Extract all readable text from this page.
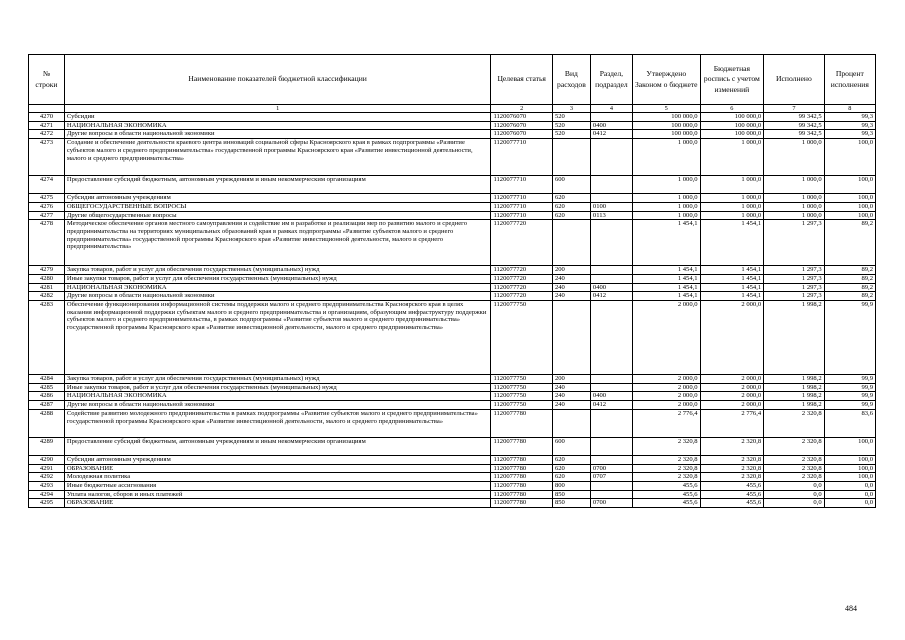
№ строки	Наименование показателей бюджетной классификации	Целевая статья	Вид расходов	Раздел, подраздел	Утверждено Законом о бюджете	Бюджетная роспись с учетом изменений	Исполнено	Процент исполнения
	1	2	3	4	5	6	7	8
4270	Субсидии	1120076070	520		100 000,0	100 000,0	99 342,5	99,3
4271	НАЦИОНАЛЬНАЯ ЭКОНОМИКА	1120076070	520	0400	100 000,0	100 000,0	99 342,5	99,3
4272	Другие вопросы в области национальной экономики	1120076070	520	0412	100 000,0	100 000,0	99 342,5	99,3
4273	Создание и обеспечение деятельности краевого центра инноваций социальной сферы Красноярского края в рамках подпрограммы «Развитие субъектов малого и среднего предпринимательства» государственной программы Красноярского края «Развитие инвестиционной деятельности, малого и среднего предпринимательства»	1120077710			1 000,0	1 000,0	1 000,0	100,0
4274	Предоставление субсидий бюджетным, автономным учреждениям и иным некоммерческим организациям	1120077710	600		1 000,0	1 000,0	1 000,0	100,0
4275	Субсидии автономным учреждениям	1120077710	620		1 000,0	1 000,0	1 000,0	100,0
4276	ОБЩЕГОСУДАРСТВЕННЫЕ ВОПРОСЫ	1120077710	620	0100	1 000,0	1 000,0	1 000,0	100,0
4277	Другие общегосударственные вопросы	1120077710	620	0113	1 000,0	1 000,0	1 000,0	100,0
4278	Методическое обеспечение органов местного самоуправления и содействие им в разработке и реализации мер по развитию малого и среднего предпринимательства на территориях муниципальных образований края в рамках подпрограммы «Развитие субъектов малого и среднего предпринимательства» государственной программы Красноярского края «Развитие инвестиционной деятельности, малого и среднего предпринимательства»	1120077720			1 454,1	1 454,1	1 297,3	89,2
4279	Закупка товаров, работ и услуг для обеспечения государственных (муниципальных) нужд	1120077720	200		1 454,1	1 454,1	1 297,3	89,2
4280	Иные закупки товаров, работ и услуг для обеспечения государственных (муниципальных) нужд	1120077720	240		1 454,1	1 454,1	1 297,3	89,2
4281	НАЦИОНАЛЬНАЯ ЭКОНОМИКА	1120077720	240	0400	1 454,1	1 454,1	1 297,3	89,2
4282	Другие вопросы в области национальной экономики	1120077720	240	0412	1 454,1	1 454,1	1 297,3	89,2
4283	Обеспечение функционирования информационной системы поддержки малого и среднего предпринимательства Красноярского края в целях оказания информационной поддержки субъектам малого и среднего предпринимательства и организациям, образующим инфраструктуру поддержки субъектов малого и среднего предпринимательства, в рамках подпрограммы «Развитие субъектов малого и среднего предпринимательства» государственной программы Красноярского края «Развитие инвестиционной деятельности, малого и среднего предпринимательства»	1120077750			2 000,0	2 000,0	1 998,2	99,9
4284	Закупка товаров, работ и услуг для обеспечения государственных (муниципальных) нужд	1120077750	200		2 000,0	2 000,0	1 998,2	99,9
4285	Иные закупки товаров, работ и услуг для обеспечения государственных (муниципальных) нужд	1120077750	240		2 000,0	2 000,0	1 998,2	99,9
4286	НАЦИОНАЛЬНАЯ ЭКОНОМИКА	1120077750	240	0400	2 000,0	2 000,0	1 998,2	99,9
4287	Другие вопросы в области национальной экономики	1120077750	240	0412	2 000,0	2 000,0	1 998,2	99,9
4288	Содействие развитию молодежного предпринимательства в рамках подпрограммы «Развитие субъектов малого и среднего предпринимательства» государственной программы Красноярского края «Развитие инвестиционной деятельности, малого и среднего предпринимательства»	1120077780			2 776,4	2 776,4	2 320,8	83,6
4289	Предоставление субсидий бюджетным, автономным учреждениям и иным некоммерческим организациям	1120077780	600		2 320,8	2 320,8	2 320,8	100,0
4290	Субсидии автономным учреждениям	1120077780	620		2 320,8	2 320,8	2 320,8	100,0
4291	ОБРАЗОВАНИЕ	1120077780	620	0700	2 320,8	2 320,8	2 320,8	100,0
4292	Молодежная политика	1120077780	620	0707	2 320,8	2 320,8	2 320,8	100,0
4293	Иные бюджетные ассигнования	1120077780	800		455,6	455,6	0,0	0,0
4294	Уплата налогов, сборов и иных платежей	1120077780	850		455,6	455,6	0,0	0,0
4295	ОБРАЗОВАНИЕ	1120077780	850	0700	455,6	455,6	0,0	0,0
484
